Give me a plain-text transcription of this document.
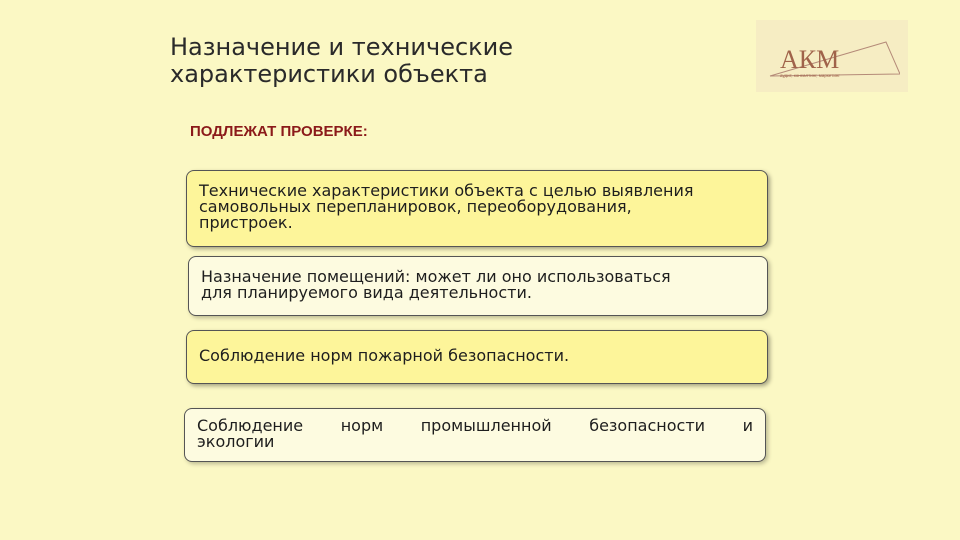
Назначение и технические
характеристики объекта	АКМ
аудит, консалтинг, маркетинг
ПОДЛЕЖАТ ПРОВЕРКЕ:
Технические характеристики объекта с целью выявления
самовольных перепланировок, переоборудования,
пристроек.
Назначение помещений: может ли оно использоваться
для планируемого вида деятельности.
Соблюдение норм пожарной безопасности.
Соблюдение норм промышленной безопасности и
экологии
